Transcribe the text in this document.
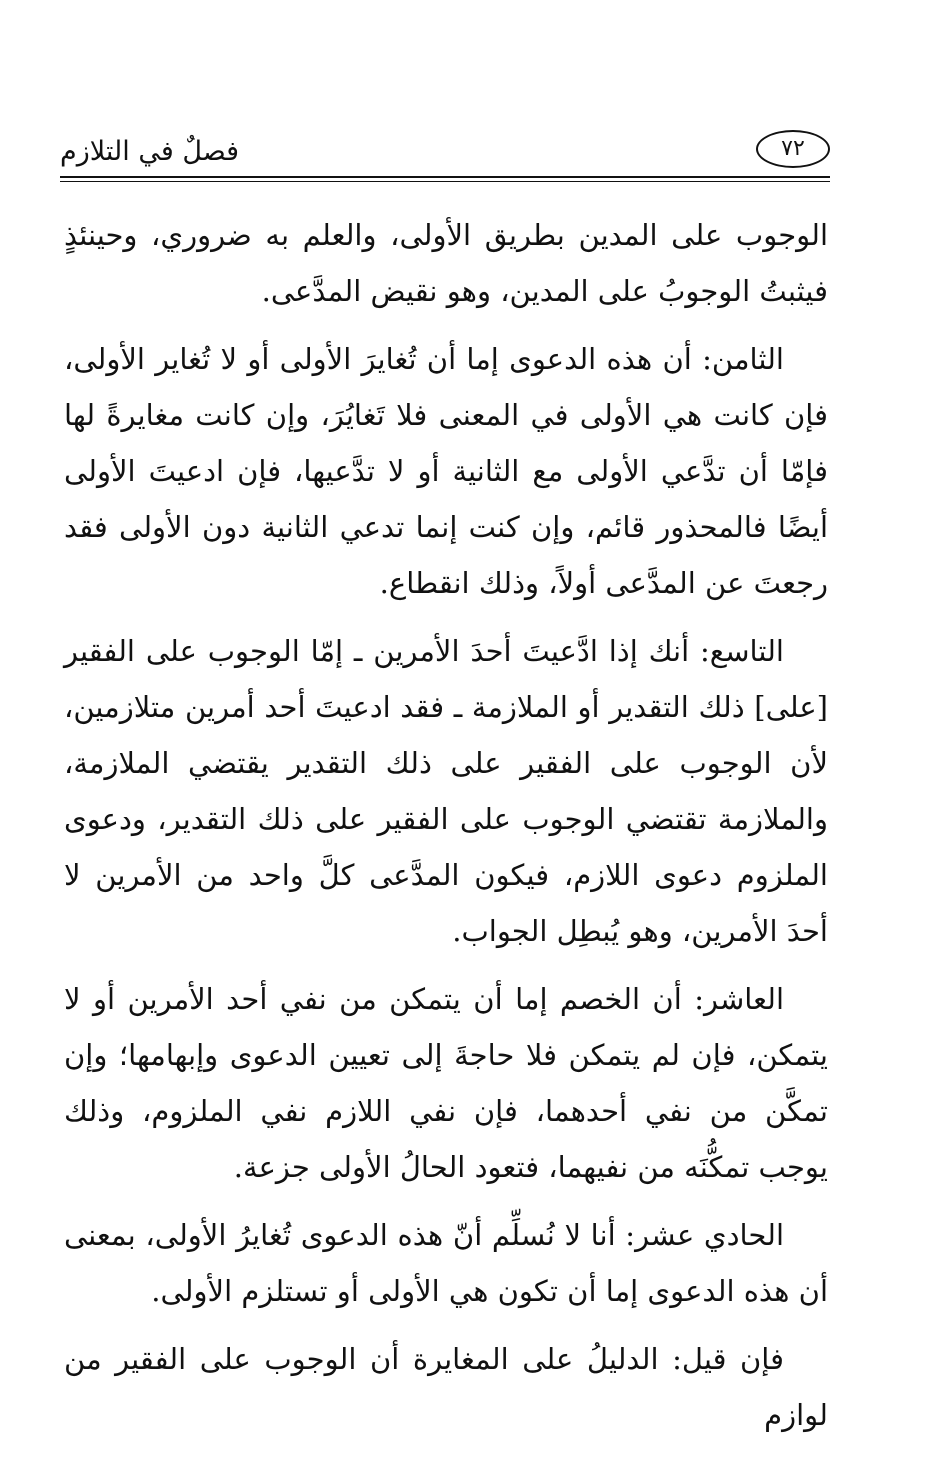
فصلٌ في التلازم	٧٢

الوجوب على المدين بطريق الأولى، والعلم به ضروري، وحينئذٍ فيثبتُ الوجوبُ على المدين، وهو نقيض المدَّعى.

الثامن: أن هذه الدعوى إما أن تُغايرَ الأولى أو لا تُغاير الأولى، فإن كانت هي الأولى في المعنى فلا تَغايُرَ، وإن كانت مغايرةً لها فإمّا أن تدَّعي الأولى مع الثانية أو لا تدَّعيها، فإن ادعيتَ الأولى أيضًا فالمحذور قائم، وإن كنت إنما تدعي الثانية دون الأولى فقد رجعتَ عن المدَّعى أولاً، وذلك انقطاع.

التاسع: أنك إذا ادَّعيتَ أحدَ الأمرين ـ إمّا الوجوب على الفقير [على] ذلك التقدير أو الملازمة ـ فقد ادعيتَ أحد أمرين متلازمين، لأن الوجوب على الفقير على ذلك التقدير يقتضي الملازمة، والملازمة تقتضي الوجوب على الفقير على ذلك التقدير، ودعوى الملزوم دعوى اللازم، فيكون المدَّعى كلَّ واحد من الأمرين لا أحدَ الأمرين، وهو يُبطِل الجواب.

العاشر: أن الخصم إما أن يتمكن من نفي أحد الأمرين أو لا يتمكن، فإن لم يتمكن فلا حاجةَ إلى تعيين الدعوى وإبهامها؛ وإن تمكَّن من نفي أحدهما، فإن نفي اللازم نفي الملزوم، وذلك يوجب تمكُّنَه من نفيهما، فتعود الحالُ الأولى جزعة.

الحادي عشر: أنا لا نُسلِّم أنّ هذه الدعوى تُغايرُ الأولى، بمعنى أن هذه الدعوى إما أن تكون هي الأولى أو تستلزم الأولى.

فإن قيل: الدليلُ على المغايرة أن الوجوب على الفقير من لوازم
